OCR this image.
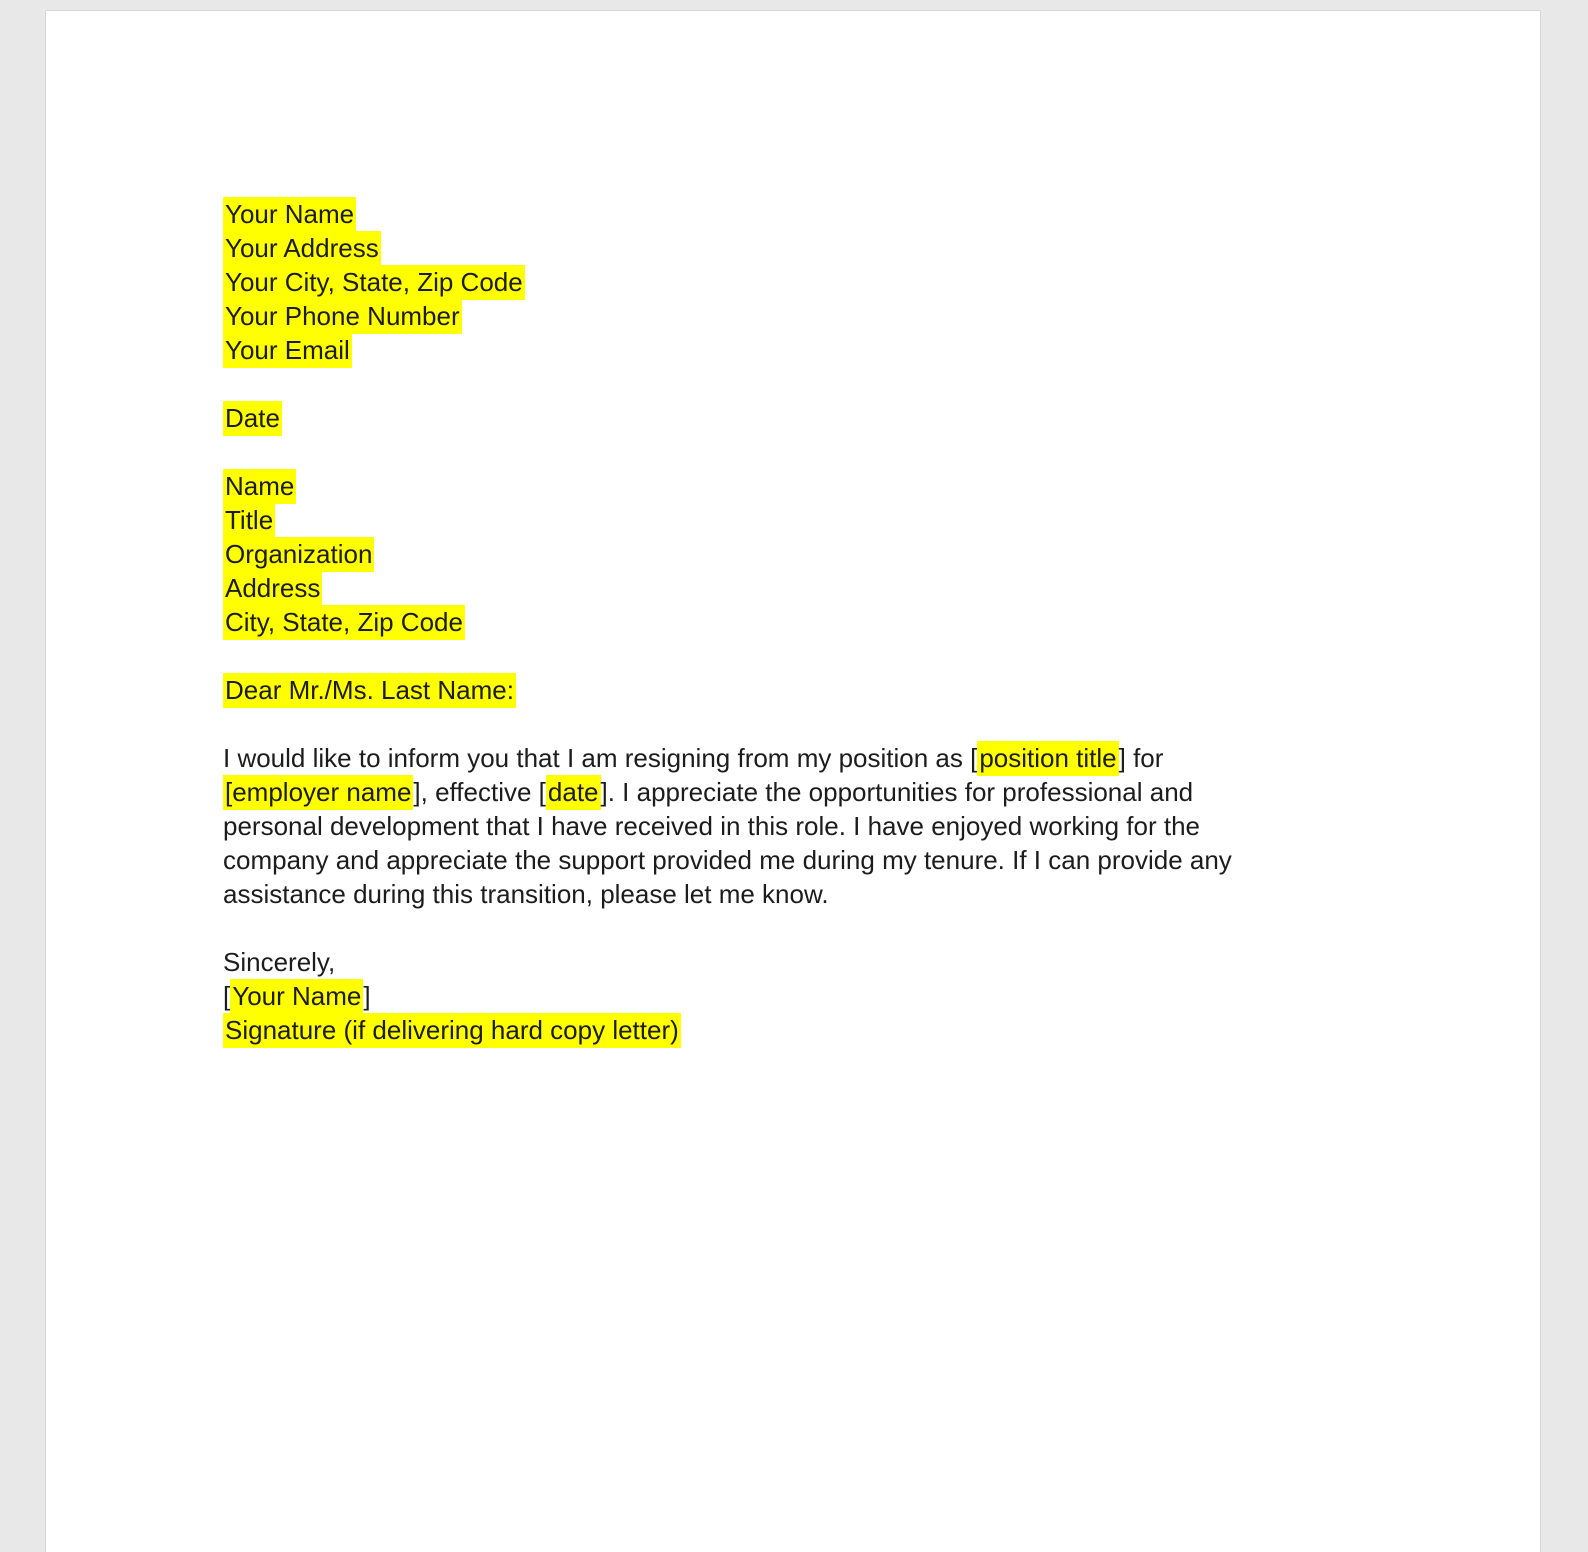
Your Name
Your Address
Your City, State, Zip Code
Your Phone Number
Your Email
Date
Name
Title
Organization
Address
City, State, Zip Code
Dear Mr./Ms. Last Name:
I would like to inform you that I am resigning from my position as [position title] for
[employer name], effective [date]. I appreciate the opportunities for professional and
personal development that I have received in this role. I have enjoyed working for the
company and appreciate the support provided me during my tenure. If I can provide any
assistance during this transition, please let me know.
Sincerely,
[Your Name]
Signature (if delivering hard copy letter)
